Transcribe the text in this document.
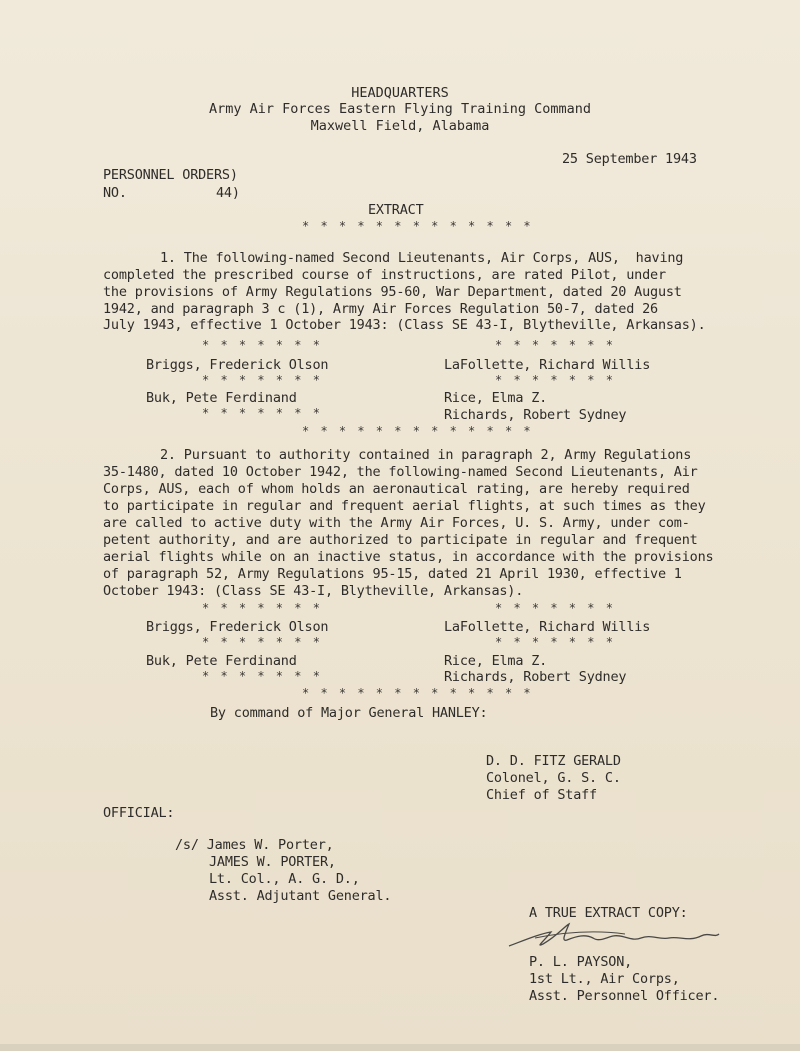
HEADQUARTERS
Army Air Forces Eastern Flying Training Command
Maxwell Field, Alabama
25 September 1943
PERSONNEL ORDERS)
NO.	44)
EXTRACT
* * * * * * * * * * * * *
1. The following-named Second Lieutenants, Air Corps, AUS,  having
completed the prescribed course of instructions, are rated Pilot, under
the provisions of Army Regulations 95-60, War Department, dated 20 August
1942, and paragraph 3 c (1), Army Air Forces Regulation 50-7, dated 26
July 1943, effective 1 October 1943: (Class SE 43-I, Blytheville, Arkansas).
* * * * * * *	* * * * * * *
Briggs, Frederick Olson	LaFollette, Richard Willis
* * * * * * *	* * * * * * *
Buk, Pete Ferdinand	Rice, Elma Z.
* * * * * * *	Richards, Robert Sydney
* * * * * * * * * * * * *
2. Pursuant to authority contained in paragraph 2, Army Regulations
35-1480, dated 10 October 1942, the following-named Second Lieutenants, Air
Corps, AUS, each of whom holds an aeronautical rating, are hereby required
to participate in regular and frequent aerial flights, at such times as they
are called to active duty with the Army Air Forces, U. S. Army, under com-
petent authority, and are authorized to participate in regular and frequent
aerial flights while on an inactive status, in accordance with the provisions
of paragraph 52, Army Regulations 95-15, dated 21 April 1930, effective 1
October 1943: (Class SE 43-I, Blytheville, Arkansas).
* * * * * * *	* * * * * * *
Briggs, Frederick Olson	LaFollette, Richard Willis
* * * * * * *	* * * * * * *
Buk, Pete Ferdinand	Rice, Elma Z.
* * * * * * *	Richards, Robert Sydney
* * * * * * * * * * * * *
By command of Major General HANLEY:
D. D. FITZ GERALD
Colonel, G. S. C.
Chief of Staff
OFFICIAL:
/s/ James W. Porter,
JAMES W. PORTER,
Lt. Col., A. G. D.,
Asst. Adjutant General.
A TRUE EXTRACT COPY:
P. L. PAYSON,
1st Lt., Air Corps,
Asst. Personnel Officer.
